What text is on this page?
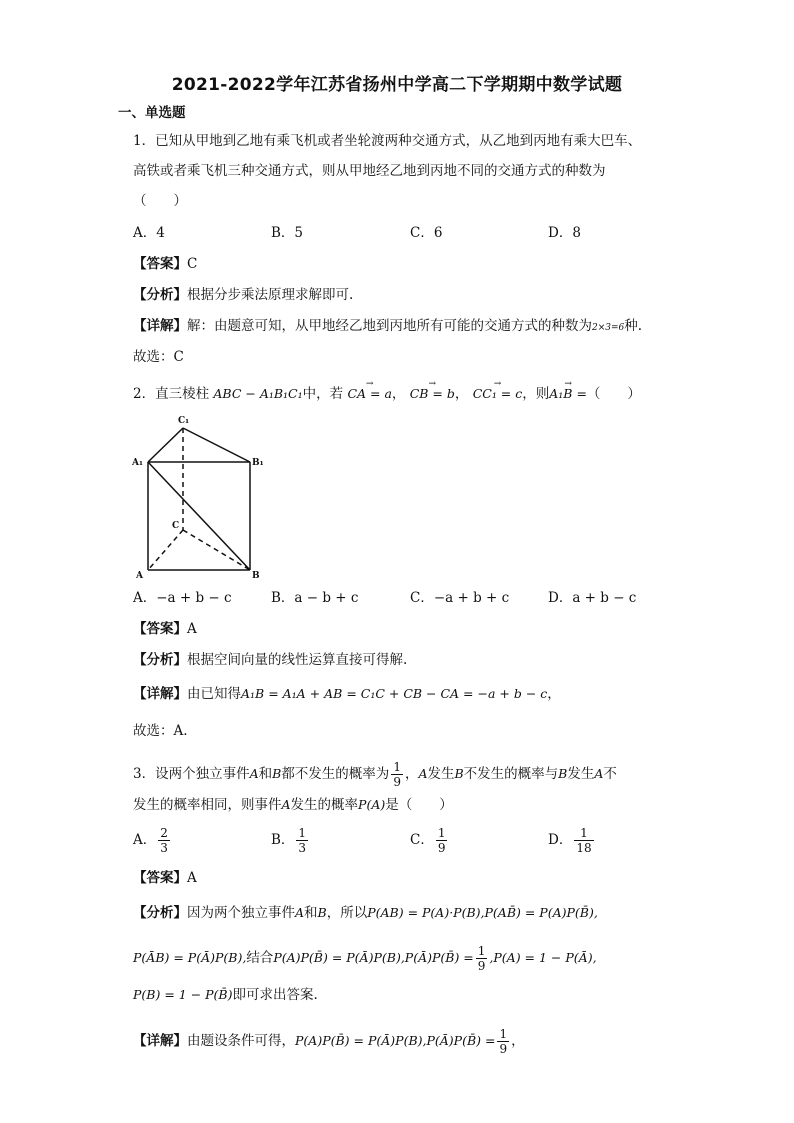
2021-2022学年江苏省扬州中学高二下学期期中数学试题
一、单选题
1．已知从甲地到乙地有乘飞机或者坐轮渡两种交通方式，从乙地到丙地有乘大巴车、
高铁或者乘飞机三种交通方式，则从甲地经乙地到丙地不同的交通方式的种数为
（　　）
A．4	B．5	C．6	D．8
【答案】C
【分析】根据分步乘法原理求解即可.
【详解】解：由题意可知，从甲地经乙地到丙地所有可能的交通方式的种数为2×3=6种.
故选：C
2．直三棱柱 ABC − A₁B₁C₁中，若 → CA = a， → CB = b， → CC₁ = c，则→ A₁B =（　　）
C₁
A₁	B₁
C
A	B
A．−a + b − c	B．a − b + c	C．−a + b + c	D．a + b − c
【答案】A
【分析】根据空间向量的线性运算直接可得解.
【详解】由已知得A₁B = A₁A + AB = C₁C + CB − CA = −a + b − c，
故选：A.
3．设两个独立事件A和B都不发生的概率为 $\frac{1}{9}$ ，A发生B不发生的概率与B发生A不
发生的概率相同，则事件A发生的概率P(A)是（　　）
A． $\frac{2}{3}$	B． $\frac{1}{3}$	C． $\frac{1}{9}$	D． $\frac{1}{18}$
【答案】A
【分析】因为两个独立事件A和B，所以P(AB) = P(A)·P(B),P(AB̄) = P(A)P(B̄),
P(ĀB) = P(Ā)P(B),结合P(A)P(B̄) = P(Ā)P(B),P(Ā)P(B̄) = $\frac{1}{9} ,P(A) = 1$ − P(Ā),
P(B) = 1 − P(B̄)即可求出答案.
【详解】由题设条件可得，P(A)P(B̄) = P(Ā)P(B),P(Ā)P(B̄) = $\frac{1}{9}$ ，
